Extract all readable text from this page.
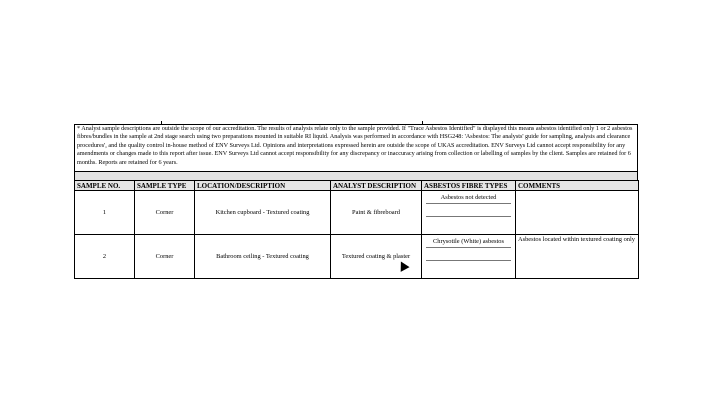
* Analyst sample descriptions are outside the scope of our accreditation. The results of analysis relate only to the sample provided. If "Trace Asbestos Identified" is displayed this means asbestos identified only 1 or 2 asbestos fibres/bundles in the sample at 2nd stage search using two preparations mounted in suitable RI liquid. Analysis was performed in accordance with HSG248: 'Asbestos: The analysts' guide for sampling, analysis and clearance procedures', and the quality control in-house method of ENV Surveys Ltd. Opinions and interpretations expressed herein are outside the scope of UKAS accreditation. ENV Surveys Ltd cannot accept responsibility for any amendments or changes made to this report after issue. ENV Surveys Ltd cannot accept responsibility for any discrepancy or inaccuracy arising from collection or labelling of samples by the client. Samples are retained for 6 months. Reports are retained for 6 years.

SAMPLE NO.	SAMPLE TYPE	LOCATION/DESCRIPTION	ANALYST DESCRIPTION	ASBESTOS FIBRE TYPES	COMMENTS
1	Corner	Kitchen cupboard - Textured coating	Paint & fibreboard	Asbestos not detected	

2	Corner	Bathroom ceiling - Textured coating	Textured coating & plaster	Chrysotile (White) asbestos	Asbestos located within textured coating only
